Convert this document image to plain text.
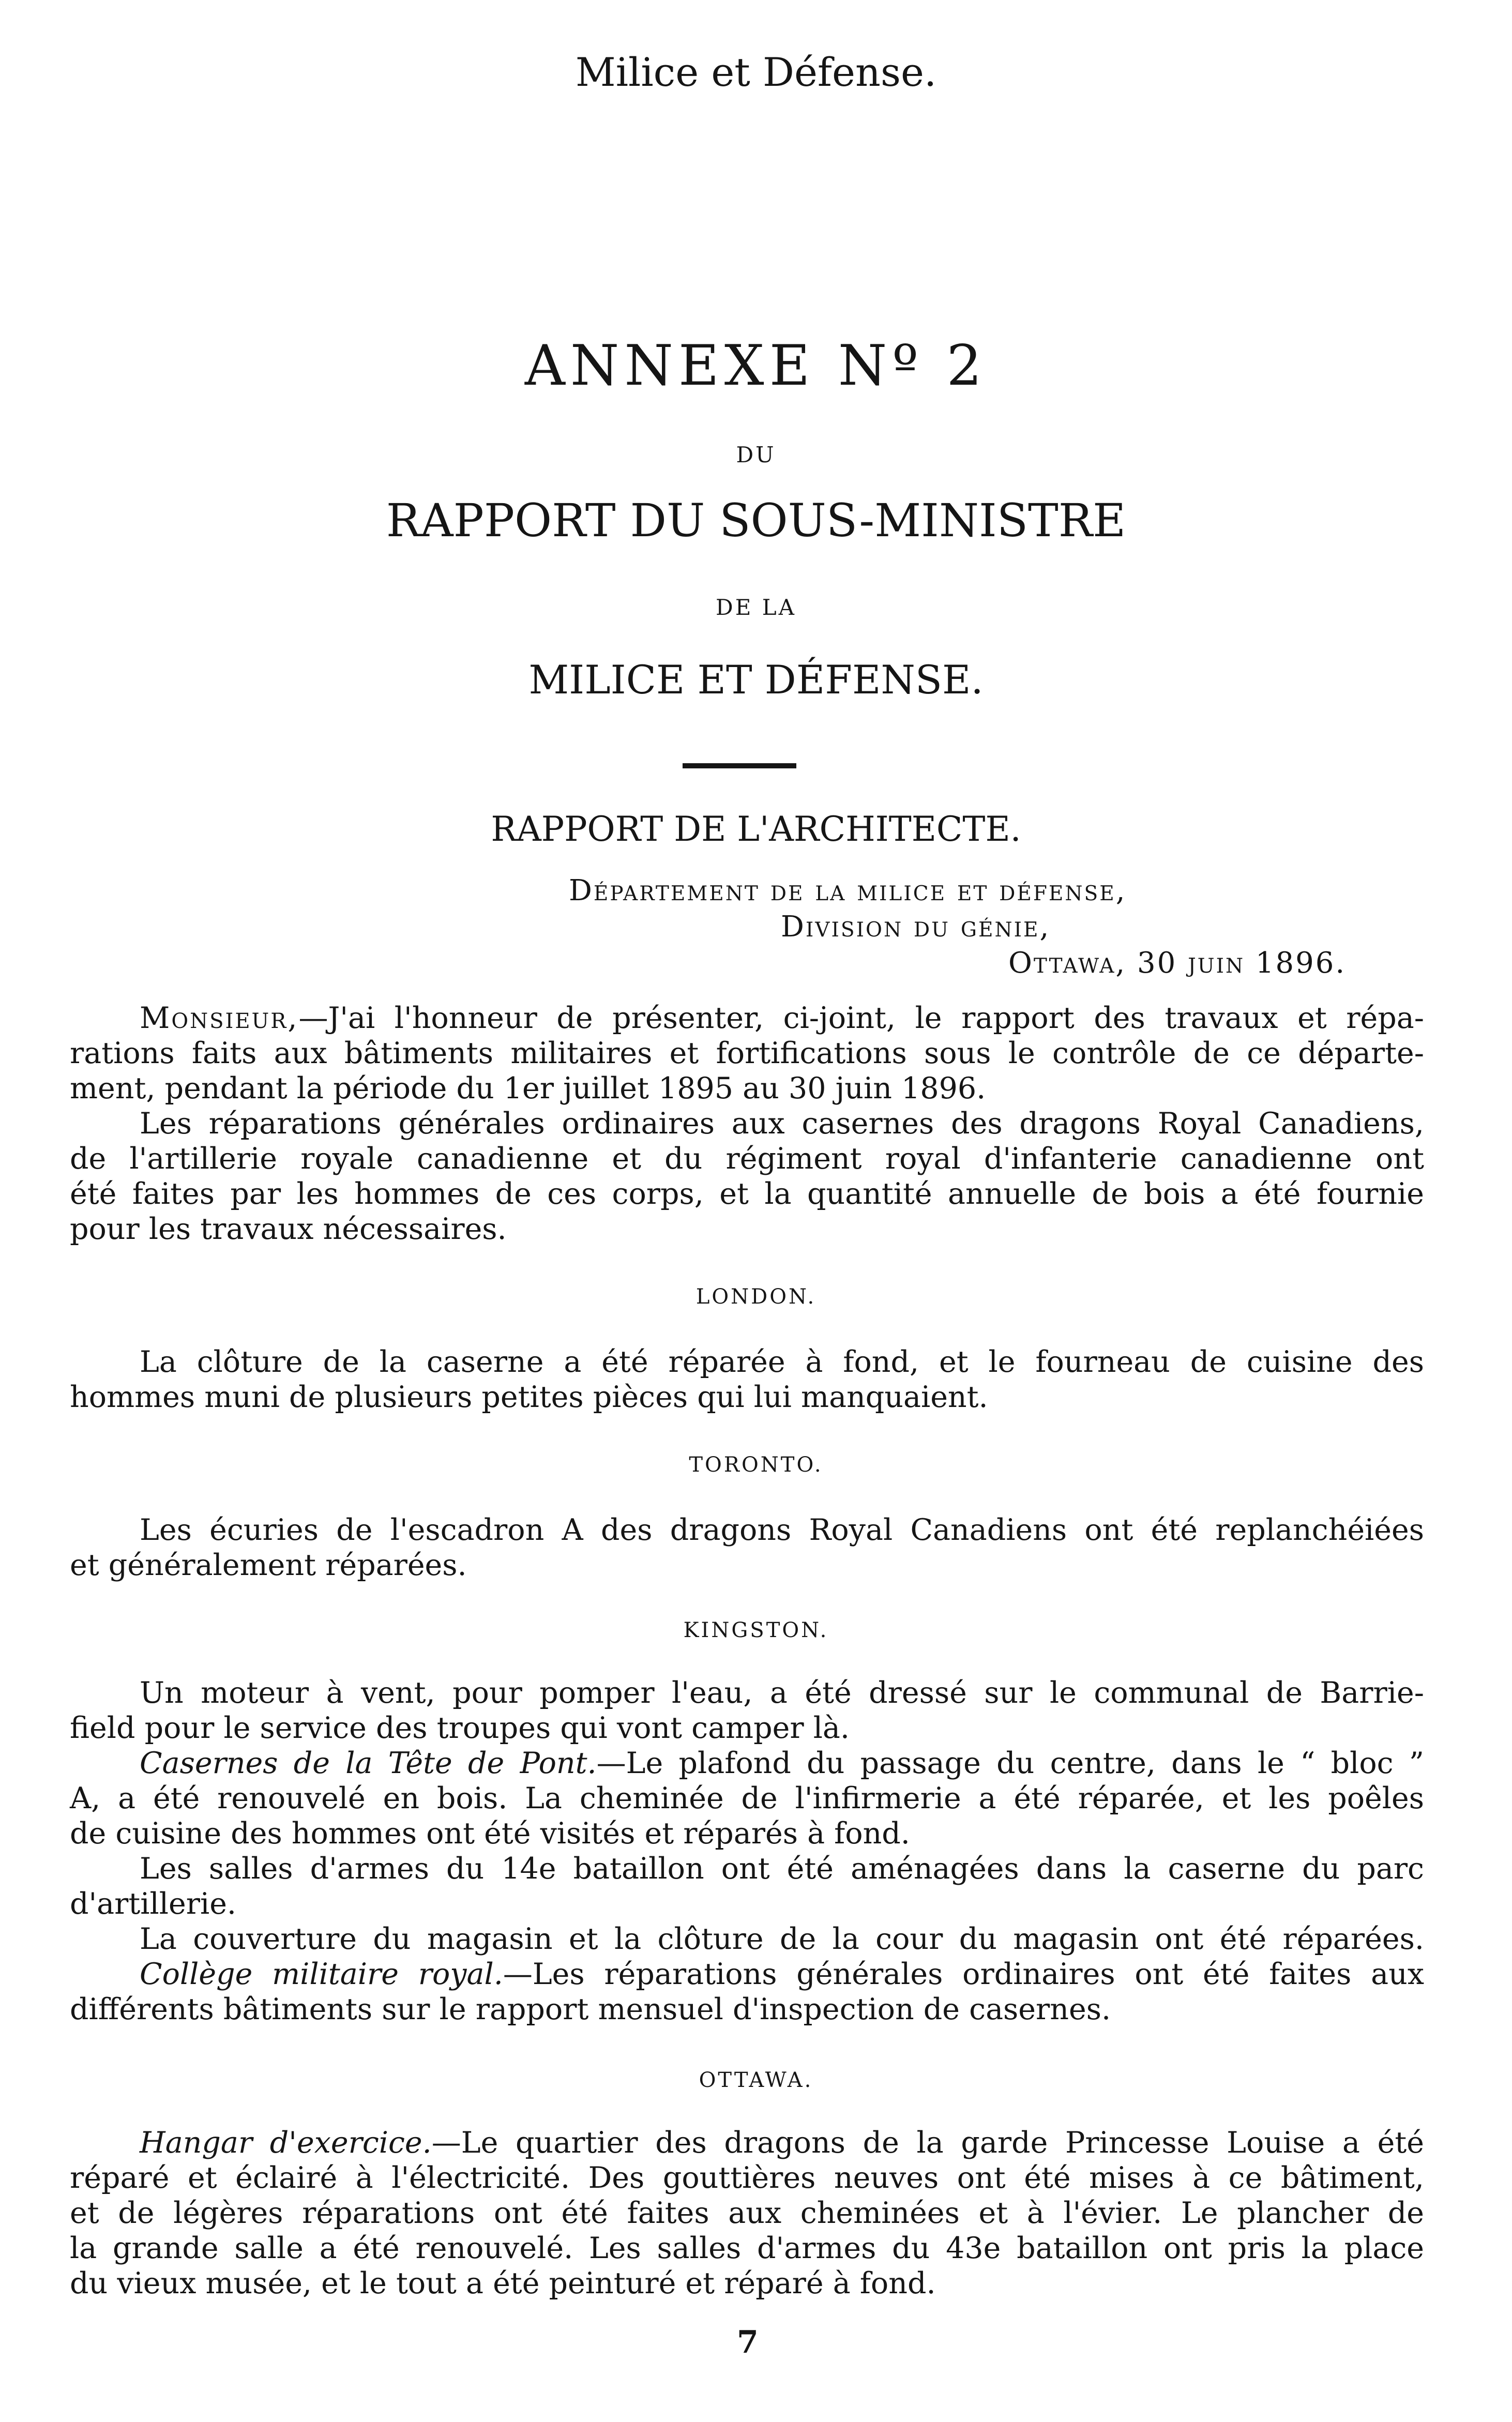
Milice et Défense.
ANNEXE Nº 2
DU
RAPPORT DU SOUS-MINISTRE
DE LA
MILICE ET DÉFENSE.
RAPPORT DE L'ARCHITECTE.
Département de la milice et défense,
Division du génie,
Ottawa, 30 juin 1896.
Monsieur,—J'ai l'honneur de présenter, ci-joint, le rapport des travaux et répa-
rations faits aux bâtiments militaires et fortifications sous le contrôle de ce départe-
ment, pendant la période du 1er juillet 1895 au 30 juin 1896.
Les réparations générales ordinaires aux casernes des dragons Royal Canadiens,
de l'artillerie royale canadienne et du régiment royal d'infanterie canadienne ont
été faites par les hommes de ces corps, et la quantité annuelle de bois a été fournie
pour les travaux nécessaires.
LONDON.
La clôture de la caserne a été réparée à fond, et le fourneau de cuisine des
hommes muni de plusieurs petites pièces qui lui manquaient.
TORONTO.
Les écuries de l'escadron A des dragons Royal Canadiens ont été replanchéiées
et généralement réparées.
KINGSTON.
Un moteur à vent, pour pomper l'eau, a été dressé sur le communal de Barrie-
field pour le service des troupes qui vont camper là.
Casernes de la Tête de Pont.—Le plafond du passage du centre, dans le “ bloc ”
A, a été renouvelé en bois. La cheminée de l'infirmerie a été réparée, et les poêles
de cuisine des hommes ont été visités et réparés à fond.
Les salles d'armes du 14e bataillon ont été aménagées dans la caserne du parc
d'artillerie.
La couverture du magasin et la clôture de la cour du magasin ont été réparées.
Collège militaire royal.—Les réparations générales ordinaires ont été faites aux
différents bâtiments sur le rapport mensuel d'inspection de casernes.
OTTAWA.
Hangar d'exercice.—Le quartier des dragons de la garde Princesse Louise a été
réparé et éclairé à l'électricité. Des gouttières neuves ont été mises à ce bâtiment,
et de légères réparations ont été faites aux cheminées et à l'évier. Le plancher de
la grande salle a été renouvelé. Les salles d'armes du 43e bataillon ont pris la place
du vieux musée, et le tout a été peinturé et réparé à fond.
7
